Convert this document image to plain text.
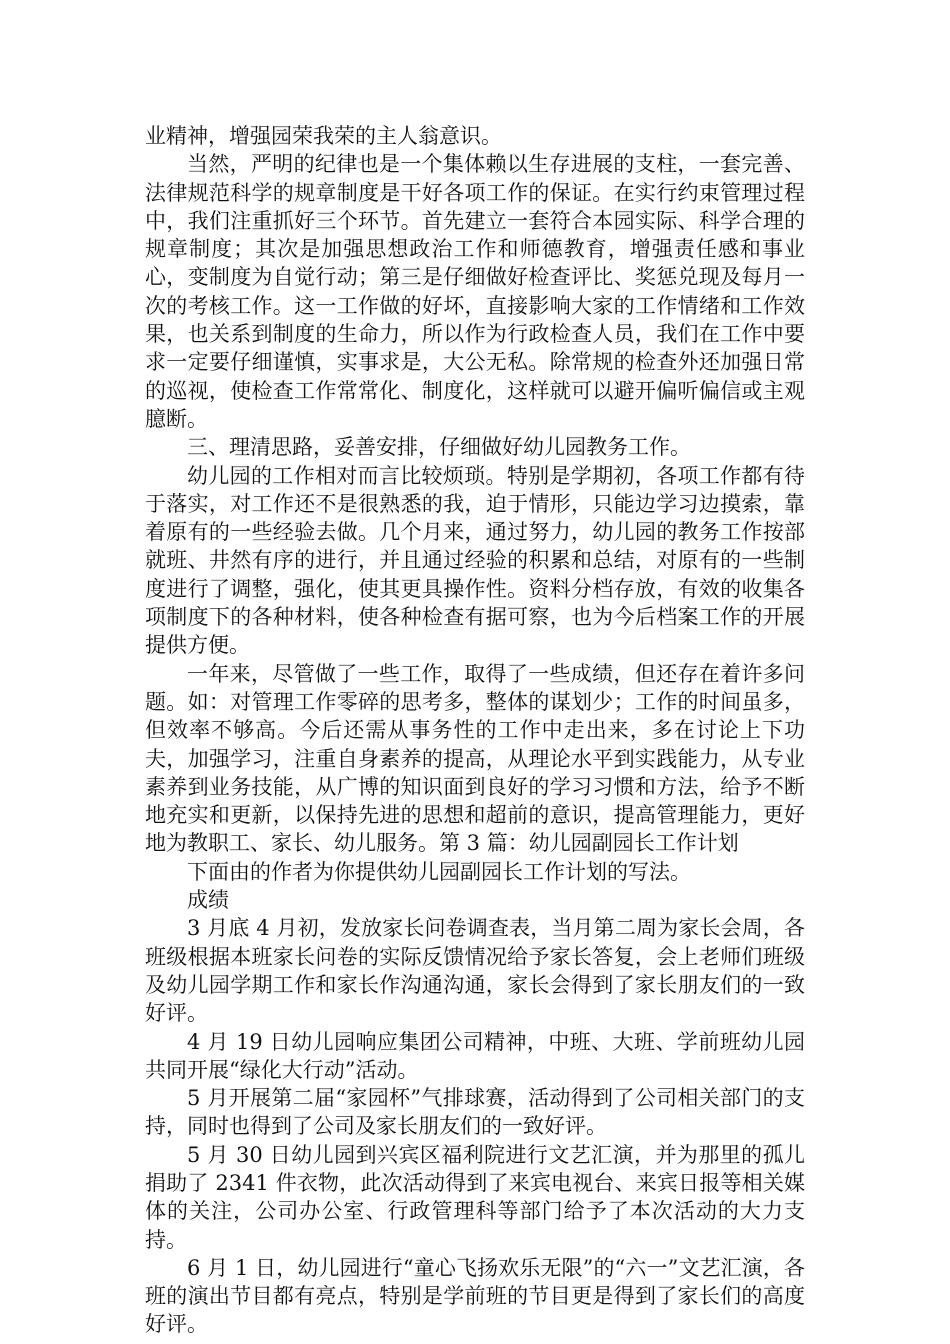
业精神，增强园荣我荣的主人翁意识。

当然，严明的纪律也是一个集体赖以生存进展的支柱，一套完善、法律规范科学的规章制度是干好各项工作的保证。在实行约束管理过程中，我们注重抓好三个环节。首先建立一套符合本园实际、科学合理的规章制度；其次是加强思想政治工作和师德教育，增强责任感和事业心，变制度为自觉行动；第三是仔细做好检查评比、奖惩兑现及每月一次的考核工作。这一工作做的好坏，直接影响大家的工作情绪和工作效果，也关系到制度的生命力，所以作为行政检查人员，我们在工作中要求一定要仔细谨慎，实事求是，大公无私。除常规的检查外还加强日常的巡视，使检查工作常常化、制度化，这样就可以避开偏听偏信或主观臆断。

三、理清思路，妥善安排，仔细做好幼儿园教务工作。

幼儿园的工作相对而言比较烦琐。特别是学期初，各项工作都有待于落实，对工作还不是很熟悉的我，迫于情形，只能边学习边摸索，靠着原有的一些经验去做。几个月来，通过努力，幼儿园的教务工作按部就班、井然有序的进行，并且通过经验的积累和总结，对原有的一些制度进行了调整，强化，使其更具操作性。资料分档存放，有效的收集各项制度下的各种材料，使各种检查有据可察，也为今后档案工作的开展提供方便。

一年来，尽管做了一些工作，取得了一些成绩，但还存在着许多问题。如：对管理工作零碎的思考多，整体的谋划少；工作的时间虽多，但效率不够高。今后还需从事务性的工作中走出来，多在讨论上下功夫，加强学习，注重自身素养的提高，从理论水平到实践能力，从专业素养到业务技能，从广博的知识面到良好的学习习惯和方法，给予不断地充实和更新，以保持先进的思想和超前的意识，提高管理能力，更好地为教职工、家长、幼儿服务。第 3 篇：幼儿园副园长工作计划

下面由的作者为你提供幼儿园副园长工作计划的写法。

成绩

3 月底 4 月初，发放家长问卷调查表，当月第二周为家长会周，各班级根据本班家长问卷的实际反馈情况给予家长答复，会上老师们班级及幼儿园学期工作和家长作沟通沟通，家长会得到了家长朋友们的一致好评。

4 月 19 日幼儿园响应集团公司精神，中班、大班、学前班幼儿园共同开展“绿化大行动”活动。

5 月开展第二届“家园杯”气排球赛，活动得到了公司相关部门的支持，同时也得到了公司及家长朋友们的一致好评。

5 月 30 日幼儿园到兴宾区福利院进行文艺汇演，并为那里的孤儿捐助了 2341 件衣物，此次活动得到了来宾电视台、来宾日报等相关媒体的关注，公司办公室、行政管理科等部门给予了本次活动的大力支持。

6 月 1 日，幼儿园进行“童心飞扬欢乐无限”的“六一”文艺汇演，各班的演出节目都有亮点，特别是学前班的节目更是得到了家长们的高度好评。
